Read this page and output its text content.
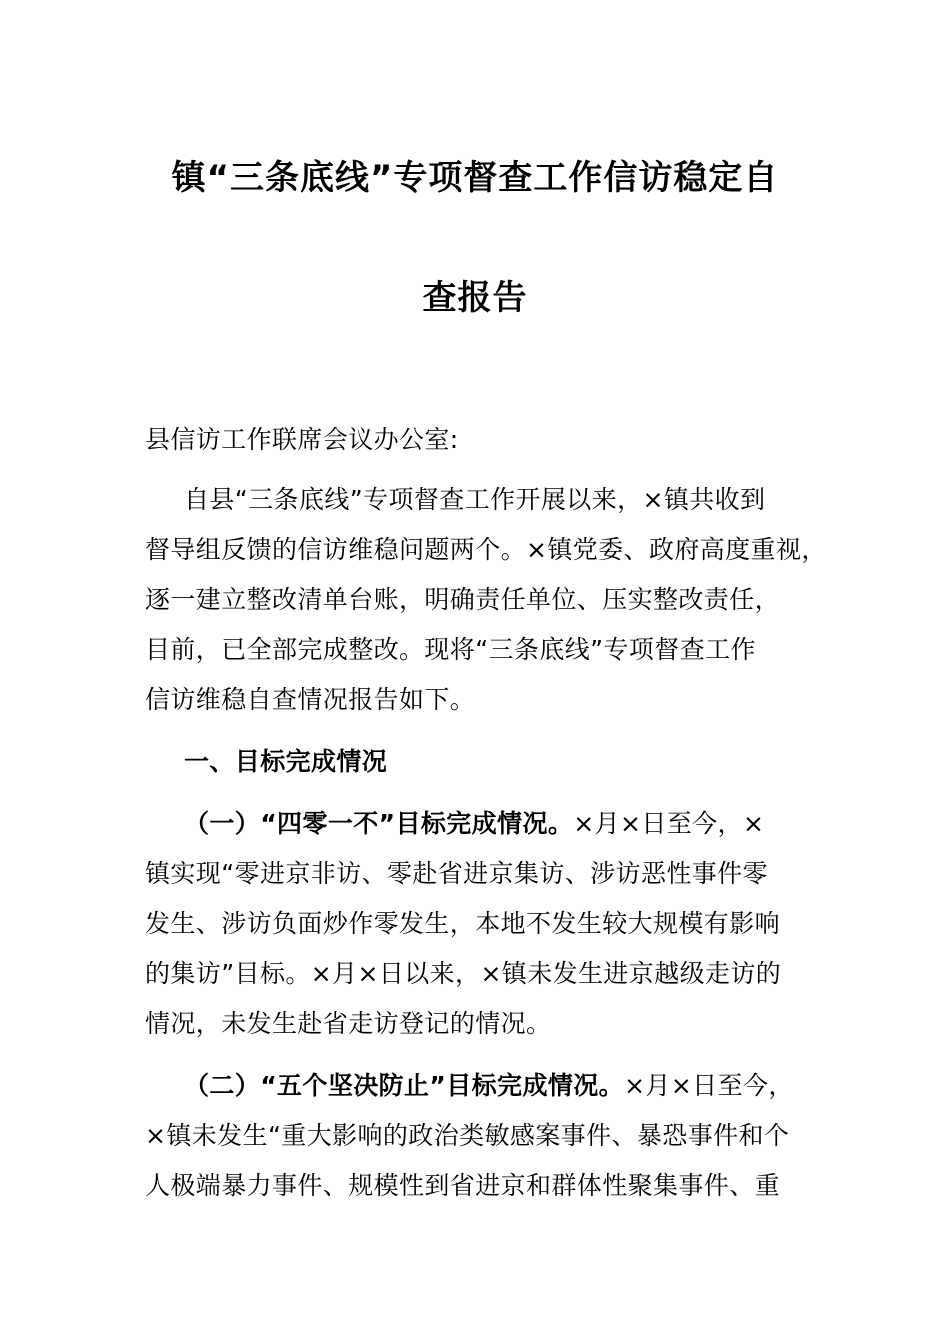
镇“三条底线”专项督查工作信访稳定自
查报告
县信访工作联席会议办公室:
自县“三条底线”专项督查工作开展以来，×镇共收到
督导组反馈的信访维稳问题两个。×镇党委、政府高度重视，
逐一建立整改清单台账，明确责任单位、压实整改责任，
目前，已全部完成整改。现将“三条底线”专项督查工作
信访维稳自查情况报告如下。
一、目标完成情况
（一）“四零一不”目标完成情况。×月×日至今，×
镇实现“零进京非访、零赴省进京集访、涉访恶性事件零
发生、涉访负面炒作零发生，本地不发生较大规模有影响
的集访”目标。×月×日以来，×镇未发生进京越级走访的
情况，未发生赴省走访登记的情况。
（二）“五个坚决防止”目标完成情况。×月×日至今，
×镇未发生“重大影响的政治类敏感案事件、暴恐事件和个
人极端暴力事件、规模性到省进京和群体性聚集事件、重
